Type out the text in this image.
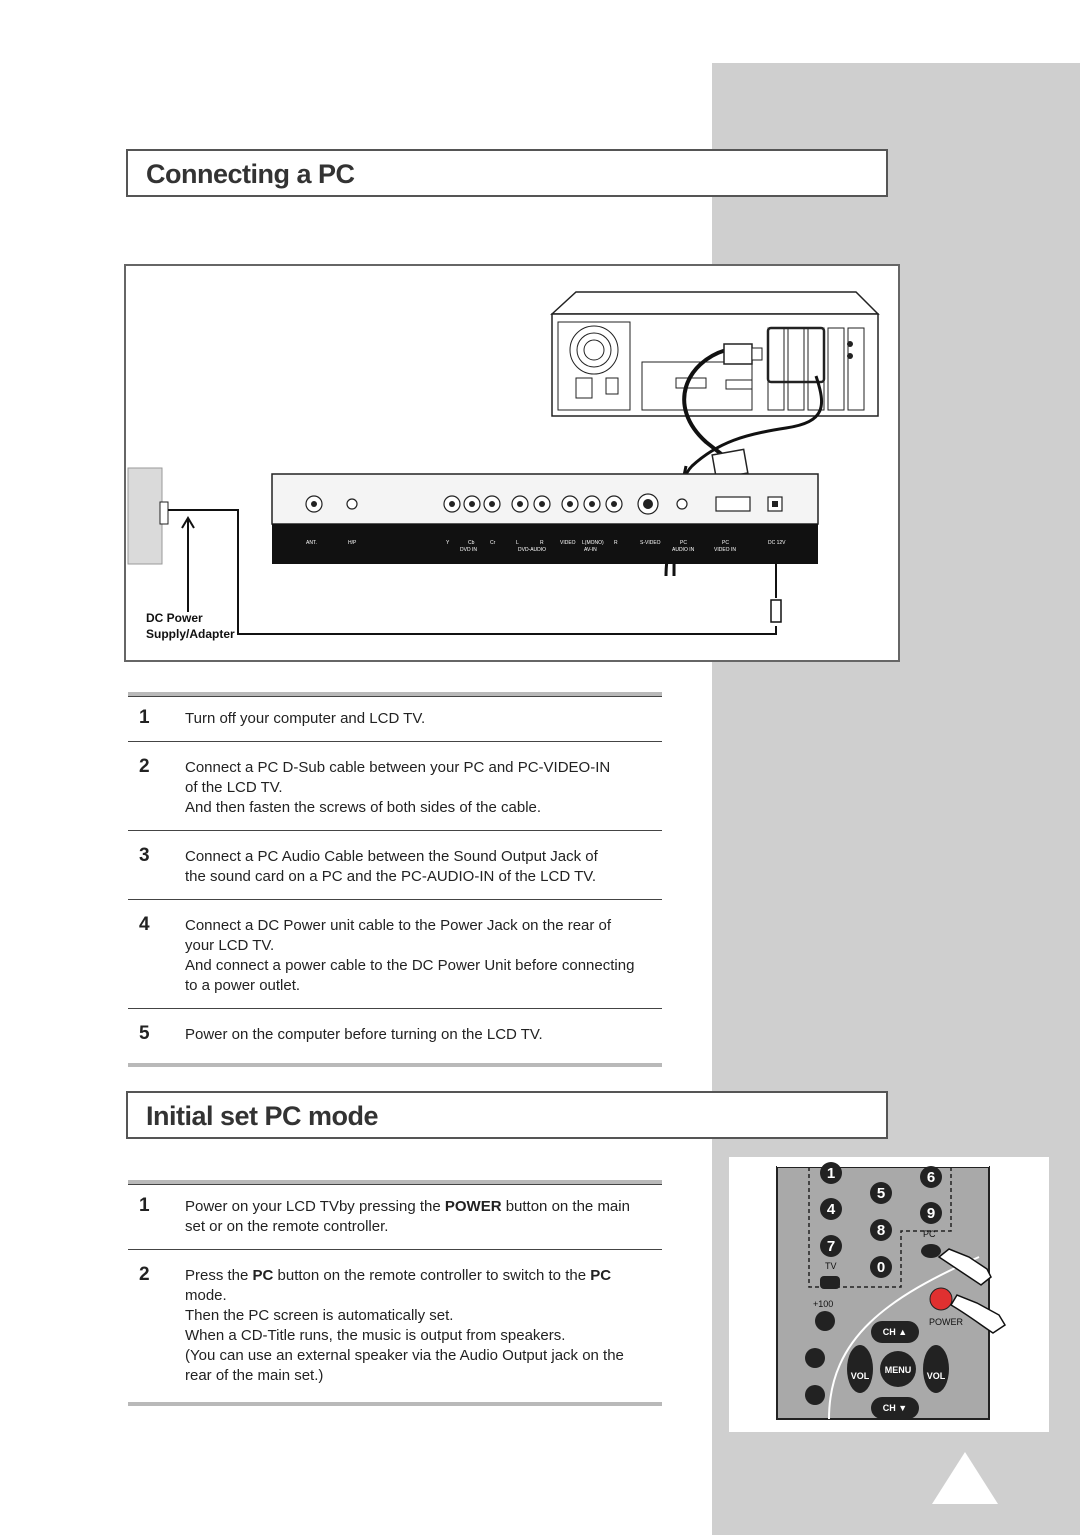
Connecting a PC
ANT.	H/P	Y	Cb	Cr
DVD IN
L	R
DVD-AUDIO
VIDEO L(MONO) R
AV-IN
S-VIDEO	PC
AUDIO IN
PC
VIDEO IN
DC 12V
DC Power
Supply/Adapter
1 Turn off your computer and LCD TV.
2 Connect a PC D-Sub cable between your PC and PC-VIDEO-IN
of the LCD TV.
And then fasten the screws of both sides of the cable.
3 Connect a PC Audio Cable between the Sound Output Jack of
the sound card on a PC and the PC-AUDIO-IN of the LCD TV.
4 Connect a DC Power unit cable to the Power Jack on the rear of
your LCD TV.
And connect a power cable to the DC Power Unit before connecting
to a power outlet.
5 Power on the computer before turning on the LCD TV.
Initial set PC mode
1 Power on your LCD TVby pressing the POWER button on the main
set or on the remote controller.
2 Press the PC button on the remote controller to switch to the PC
mode.
Then the PC screen is automatically set.
When a CD-Title runs, the music is output from speakers.
(You can use an external speaker via the Audio Output jack on the
rear of the main set.)
1	6
5
4	9
8
7
0
PC
TV
+100
POWER
CH ▲
CH ▼
MENU
VOL	VOL
